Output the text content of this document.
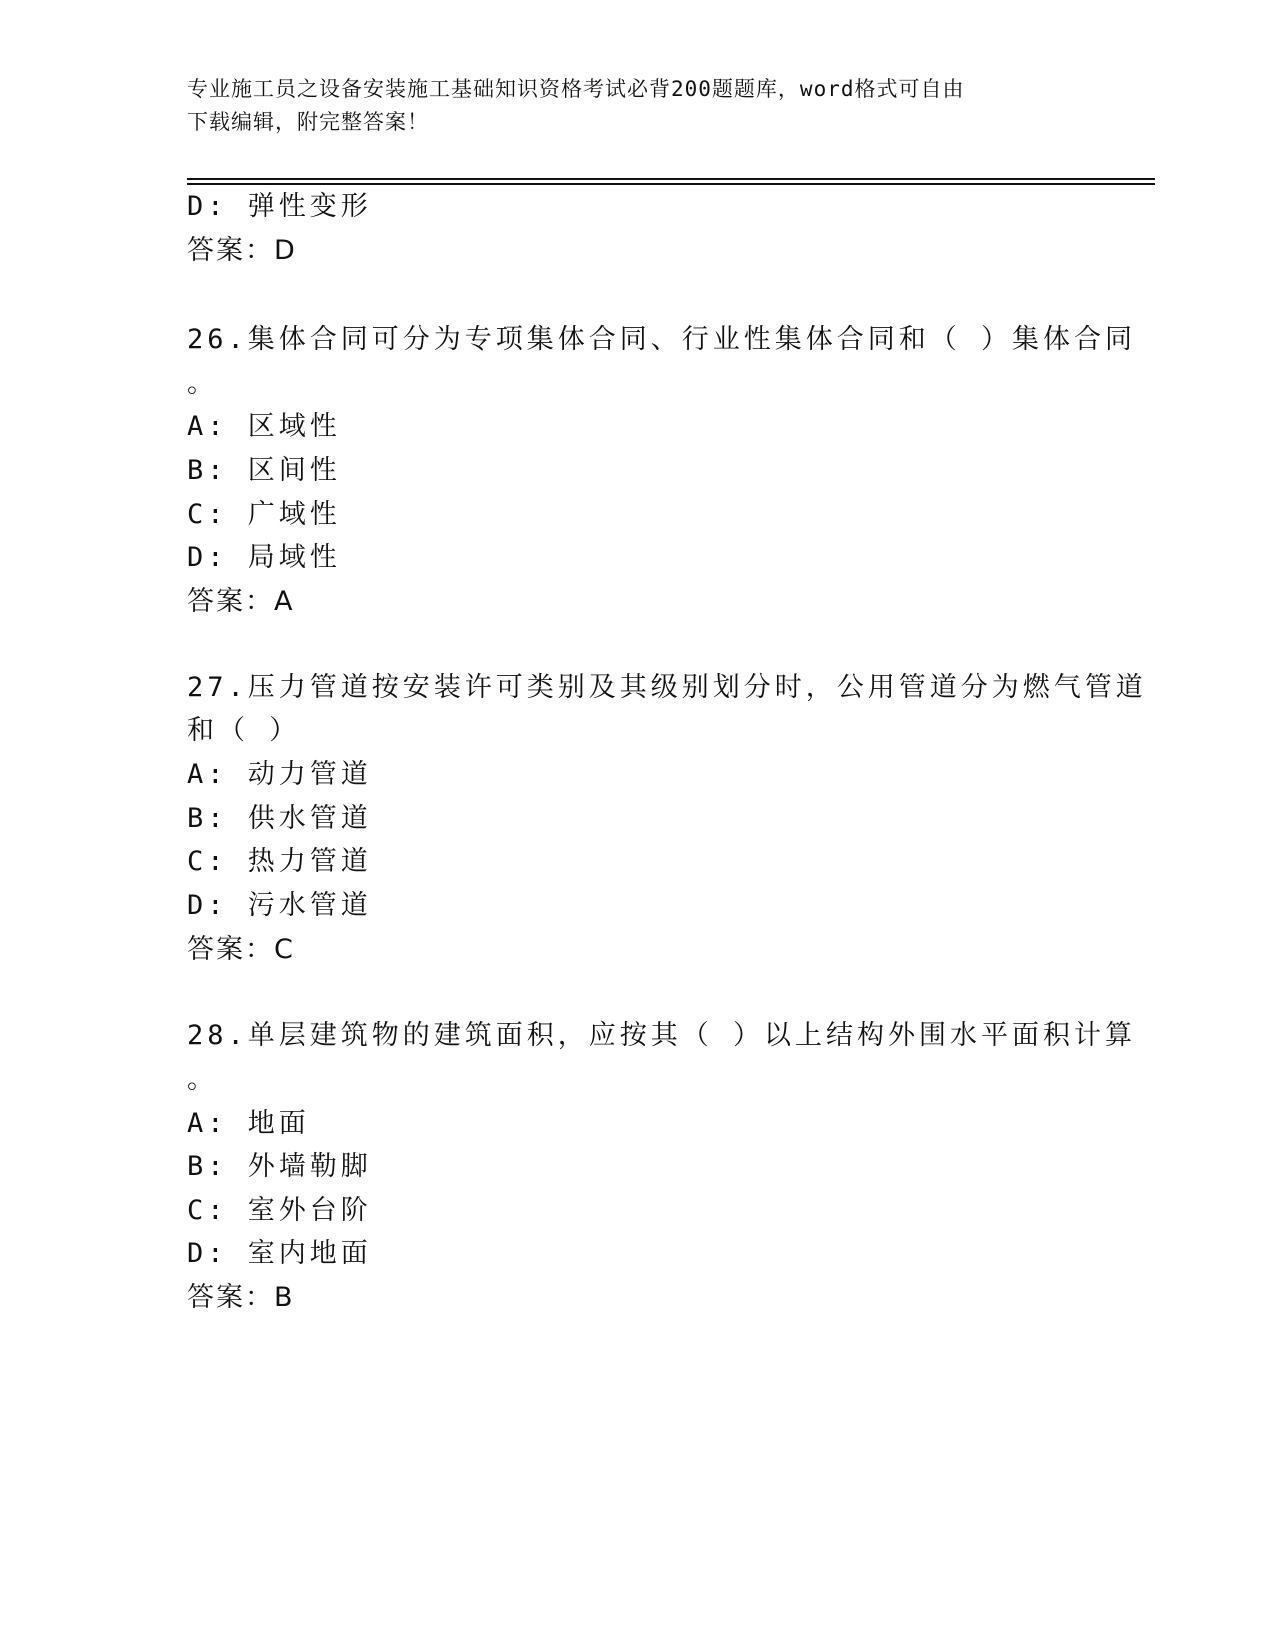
专业施工员之设备安装施工基础知识资格考试必背200题题库，word格式可自由
下载编辑，附完整答案！
D: 弹性变形
答案：D
26.集体合同可分为专项集体合同、行业性集体合同和（ ）集体合同
。
A: 区域性
B: 区间性
C: 广域性
D: 局域性
答案：A
27.压力管道按安装许可类别及其级别划分时，公用管道分为燃气管道
和（ ）
A: 动力管道
B: 供水管道
C: 热力管道
D: 污水管道
答案：C
28.单层建筑物的建筑面积，应按其（ ）以上结构外围水平面积计算
。
A: 地面
B: 外墙勒脚
C: 室外台阶
D: 室内地面
答案：B
